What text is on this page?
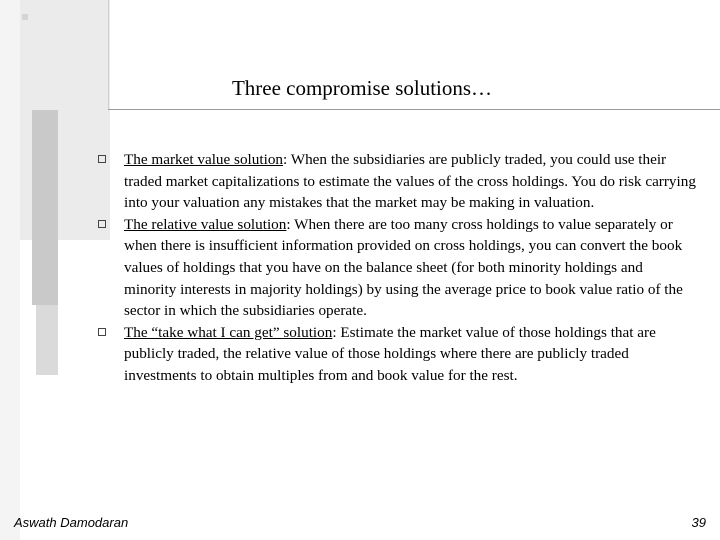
Three compromise solutions…
The market value solution: When the subsidiaries are publicly traded, you could use their traded market capitalizations to estimate the values of the cross holdings. You do risk carrying into your valuation any mistakes that the market may be making in valuation.
The relative value solution: When there are too many cross holdings to value separately or when there is insufficient information provided on cross holdings, you can convert the book values of holdings that you have on the balance sheet (for both minority holdings and minority interests in majority holdings) by using the average price to book value ratio of the sector in which the subsidiaries operate.
The “take what I can get” solution: Estimate the market value of those holdings that are publicly traded, the relative value of those holdings where there are publicly traded investments to obtain multiples from and book value for the rest.
Aswath Damodaran	39
